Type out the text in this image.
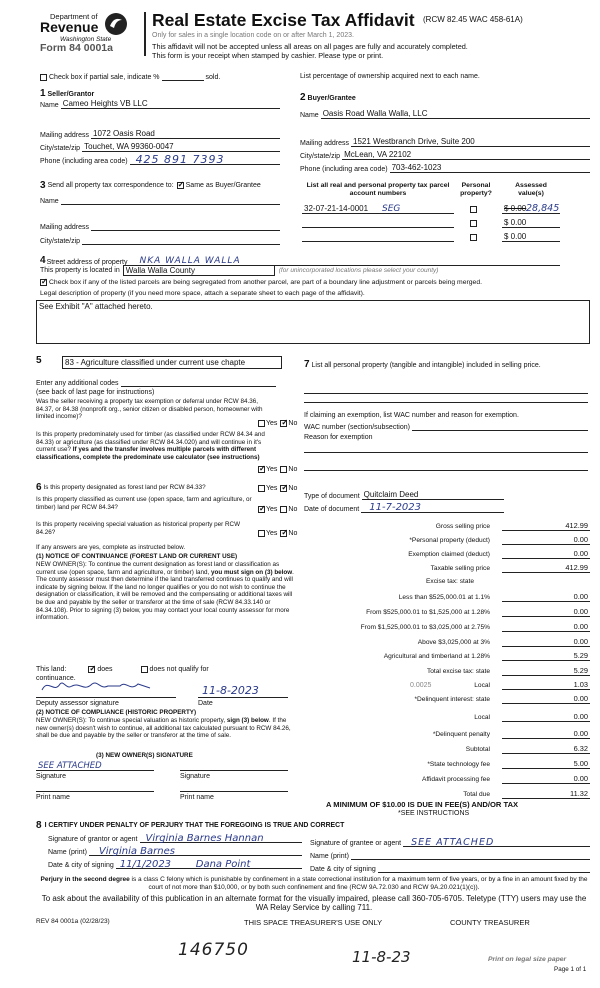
Department of
Revenue
Washington State
Form 84 0001a
Real Estate Excise Tax Affidavit (RCW 82.45 WAC 458-61A)
Only for sales in a single location code on or after March 1, 2023.
This affidavit will not be accepted unless all areas on all pages are fully and accurately completed.
This form is your receipt when stamped by cashier. Please type or print.
Check box if partial sale, indicate %	sold.	List percentage of ownership acquired next to each name.
1 Seller/Grantor
Name Cameo Heights VB LLC
Mailing address 1072 Oasis Road
City/state/zip Touchet, WA 99360-0047
Phone (including area code) 425 891 7393
2 Buyer/Grantee
Name Oasis Road Walla Walla, LLC
Mailing address 1521 Westbranch Drive, Suite 200
City/state/zip McLean, VA 22102
Phone (including area code) 703-462-1023
3 Send all property tax correspondence to: ✓ Same as Buyer/Grantee
Name
Mailing address
City/state/zip
List all real and personal property tax parcel account numbers
Personal property?
Assessed value(s)
32-07-21-14-0001 SEG	$ 0.00 28,845
$ 0.00
$ 0.00
4 Street address of property NKA WALLA WALLA
This property is located in Walla Walla County	(for unincorporated locations please select your county)
✓
Check box if any of the listed parcels are being segregated from another parcel, are part of a boundary line adjustment or parcels being merged.
Legal description of property (if you need more space, attach a separate sheet to each page of the affidavit).
See Exhibit "A" attached hereto.
5	83 - Agriculture classified under current use chapte
Enter any additional codes
(see back of last page for instructions)
Was the seller receiving a property tax exemption or deferral under RCW 84.36, 84.37, or 84.38 (nonprofit org., senior citizen or disabled person, homeowner with limited income)?
Yes ✓ No
Is this property predominately used for timber (as classified under RCW 84.34 and 84.33) or agriculture (as classified under RCW 84.34.020) and will continue in it's current use? If yes and the transfer involves multiple parcels with different classifications, complete the predominate use calculator (see instructions)
✓
Yes No
6 Is this property designated as forest land per RCW 84.33?	Yes ✓ No
Is this property classified as current use (open space, farm and agriculture, or timber) land per RCW 84.34? ✓	Yes No
Is this property receiving special valuation as historical property per RCW 84.26?	Yes ✓ No
If any answers are yes, complete as instructed below.
(1) NOTICE OF CONTINUANCE (FOREST LAND OR CURRENT USE)
NEW OWNER(S): To continue the current designation as forest land or classification as current use (open space, farm and agriculture, or timber) land, you must sign on (3) below. The county assessor must then determine if the land transferred continues to qualify and will indicate by signing below. If the land no longer qualifies or you do not wish to continue the designation or classification, it will be removed and the compensating or additional taxes will be due and payable by the seller or transferor at the time of sale (RCW 84.33.140 or 84.34.108). Prior to signing (3) below, you may contact your local county assessor for more information.
This land: ✓	does	does not qualify for
continuance.
11-8-2023
Deputy assessor signature	Date
(2) NOTICE OF COMPLIANCE (HISTORIC PROPERTY)
NEW OWNER(S): To continue special valuation as historic property, sign (3) below. If the new owner(s) doesn't wish to continue, all additional tax calculated pursuant to RCW 84.26, shall be due and payable by the seller or transferor at the time of sale.
(3) NEW OWNER(S) SIGNATURE
SEE ATTACHED
Signature	Signature
Print name	Print name
7 List all personal property (tangible and intangible) included in selling price.
If claiming an exemption, list WAC number and reason for exemption.
WAC number (section/subsection)
Reason for exemption
Type of document Quitclaim Deed
Date of document 11-7-2023
Gross selling price	412.99
*Personal property (deduct)	0.00
Exemption claimed (deduct)	0.00
Taxable selling price	412.99
Excise tax: state
Less than $525,000.01 at 1.1%	0.00
From $525,000.01 to $1,525,000 at 1.28%	0.00
From $1,525,000.01 to $3,025,000 at 2.75%	0.00
Above $3,025,000 at 3%	0.00
Agricultural and timberland at 1.28%	5.29
Total excise tax: state	5.29
0.0025	Local	1.03
*Delinquent interest: state	0.00
Local	0.00
*Delinquent penalty	0.00
Subtotal	6.32
*State technology fee	5.00
Affidavit processing fee	0.00
Total due	11.32
A MINIMUM OF $10.00 IS DUE IN FEE(S) AND/OR TAX
*SEE INSTRUCTIONS
8 I CERTIFY UNDER PENALTY OF PERJURY THAT THE FOREGOING IS TRUE AND CORRECT
Signature of grantor or agent Virginia Barnes Hannan
Name (print) Virginia Barnes
Date & city of signing 11/1/2023 Dana Point
Signature of grantee or agent SEE ATTACHED
Name (print)
Date & city of signing
Perjury in the second degree is a class C felony which is punishable by confinement in a state correctional institution for a maximum term of five years, or by a fine in an amount fixed by the court of not more than $10,000, or by both such confinement and fine (RCW 9A.72.030 and RCW 9A.20.021(1)(c)).
To ask about the availability of this publication in an alternate format for the visually impaired, please call 360-705-6705. Teletype (TTY) users may use the WA Relay Service by calling 711.
REV 84 0001a (02/28/23)	THIS SPACE TREASURER'S USE ONLY	COUNTY TREASURER
146750	11-8-23	Print on legal size paper
Page 1 of 1
